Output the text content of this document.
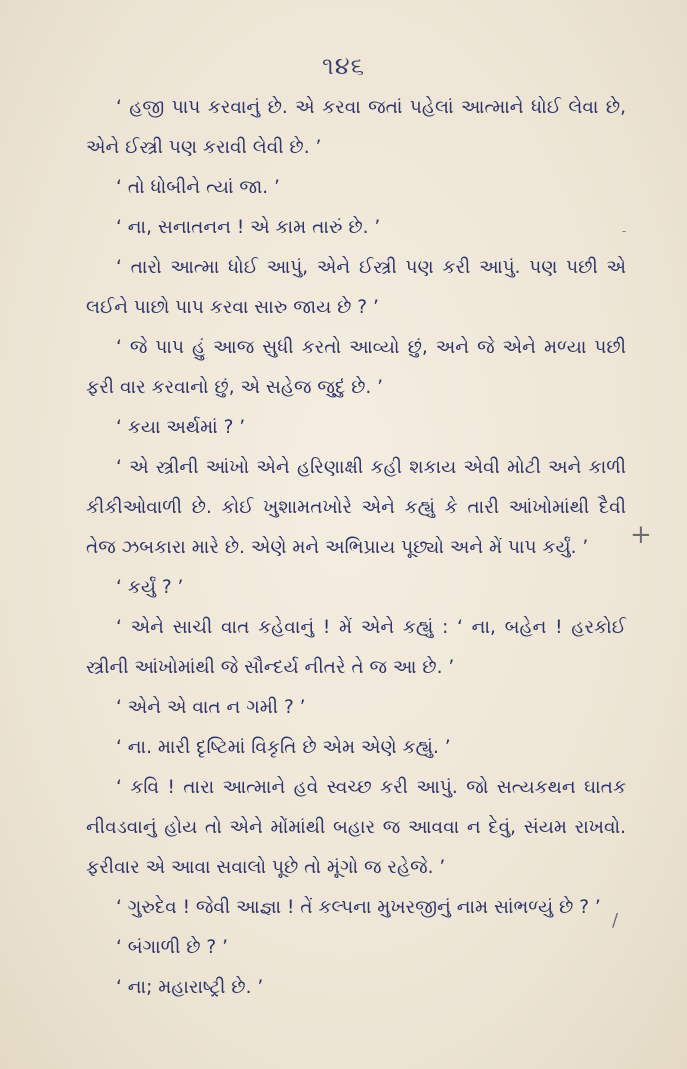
૧૪૬

‘ હજી પાપ કરવાનું છે. એ કરવા જતાં પહેલાં આત્માને ધોઈ લેવા છે, એને ઈસ્ત્રી પણ કરાવી લેવી છે. ’

‘ તો ધોબીને ત્યાં જા. ’

‘ ના, સનાતનન ! એ કામ તારું છે. ’

‘ તારો આત્મા ધોઈ આપું, એને ઈસ્ત્રી પણ કરી આપું. પણ પછી એ લઈને પાછો પાપ કરવા સારુ જાય છે ? ’

‘ જે પાપ હું આજ સુધી કરતો આવ્યો છું, અને જે એને મળ્યા પછી ફરી વાર કરવાનો છું, એ સહેજ જુદું છે. ’

‘ કયા અર્થમાં ? ’

‘ એ સ્ત્રીની આંખો એને હરિણાક્ષી કહી શકાય એવી મોટી અને કાળી કીકીઓવાળી છે. કોઈ ખુશામતખોરે એને કહ્યું કે તારી આંખોમાંથી દૈવી તેજ ઝબકારા મારે છે. એણે મને અભિપ્રાય પૂછ્યો અને મેં પાપ કર્યું. ’

‘ કર્યું ? ’

‘ એને સાચી વાત કહેવાનું ! મેં એને કહ્યું : ‘ ના, બહેન ! હરકોઈ સ્ત્રીની આંખોમાંથી જે સૌન્દર્ય નીતરે તે જ આ છે. ’

‘ એને એ વાત ન ગમી ? ’

‘ ના. મારી દૃષ્ટિમાં વિકૃતિ છે એમ એણે કહ્યું. ’

‘ કવિ ! તારા આત્માને હવે સ્વચ્છ કરી આપું. જો સત્યકથન ઘાતક નીવડવાનું હોય તો એને મોંમાંથી બહાર જ આવવા ન દેવું, સંયમ રાખવો. ફરીવાર એ આવા સવાલો પૂછે તો મૂંગો જ રહેજે. ’

‘ ગુરુદેવ ! જેવી આજ્ઞા ! તેં કલ્પના મુખરજીનું નામ સાંભળ્યું છે ? ’

‘ બંગાળી છે ? ’

‘ ના; મહારાષ્ટ્રી છે. ’

-
+
/
